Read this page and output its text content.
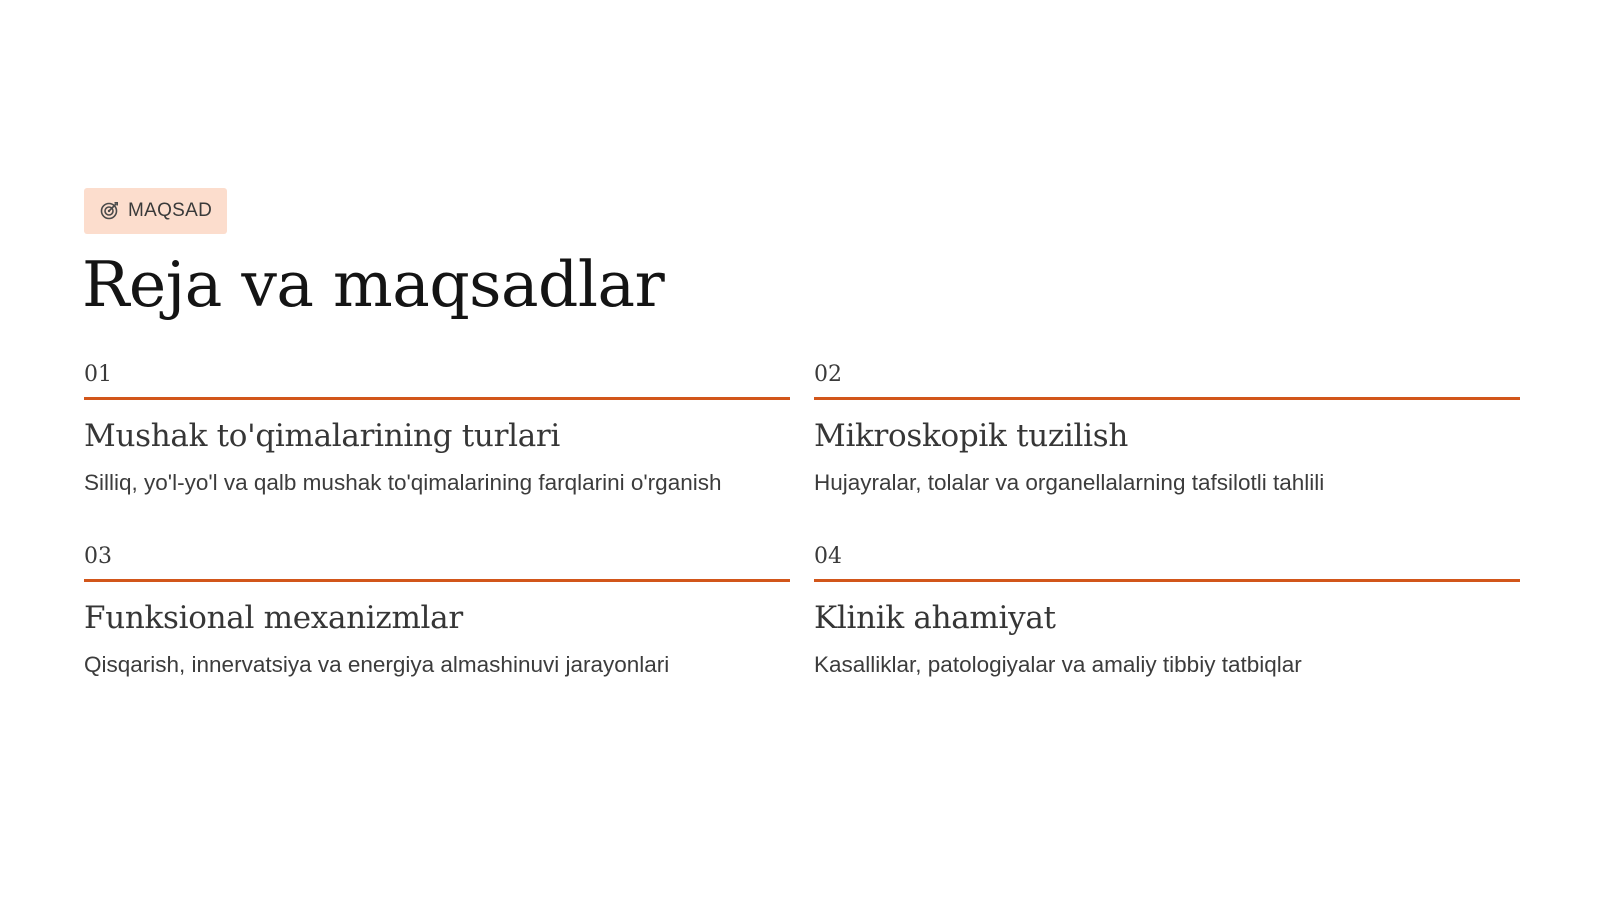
MAQSAD
Reja va maqsadlar
01
Mushak to'qimalarining turlari
Silliq, yo'l-yo'l va qalb mushak to'qimalarining farqlarini o'rganish
02
Mikroskopik tuzilish
Hujayralar, tolalar va organellalarning tafsilotli tahlili
03
Funksional mexanizmlar
Qisqarish, innervatsiya va energiya almashinuvi jarayonlari
04
Klinik ahamiyat
Kasalliklar, patologiyalar va amaliy tibbiy tatbiqlar
